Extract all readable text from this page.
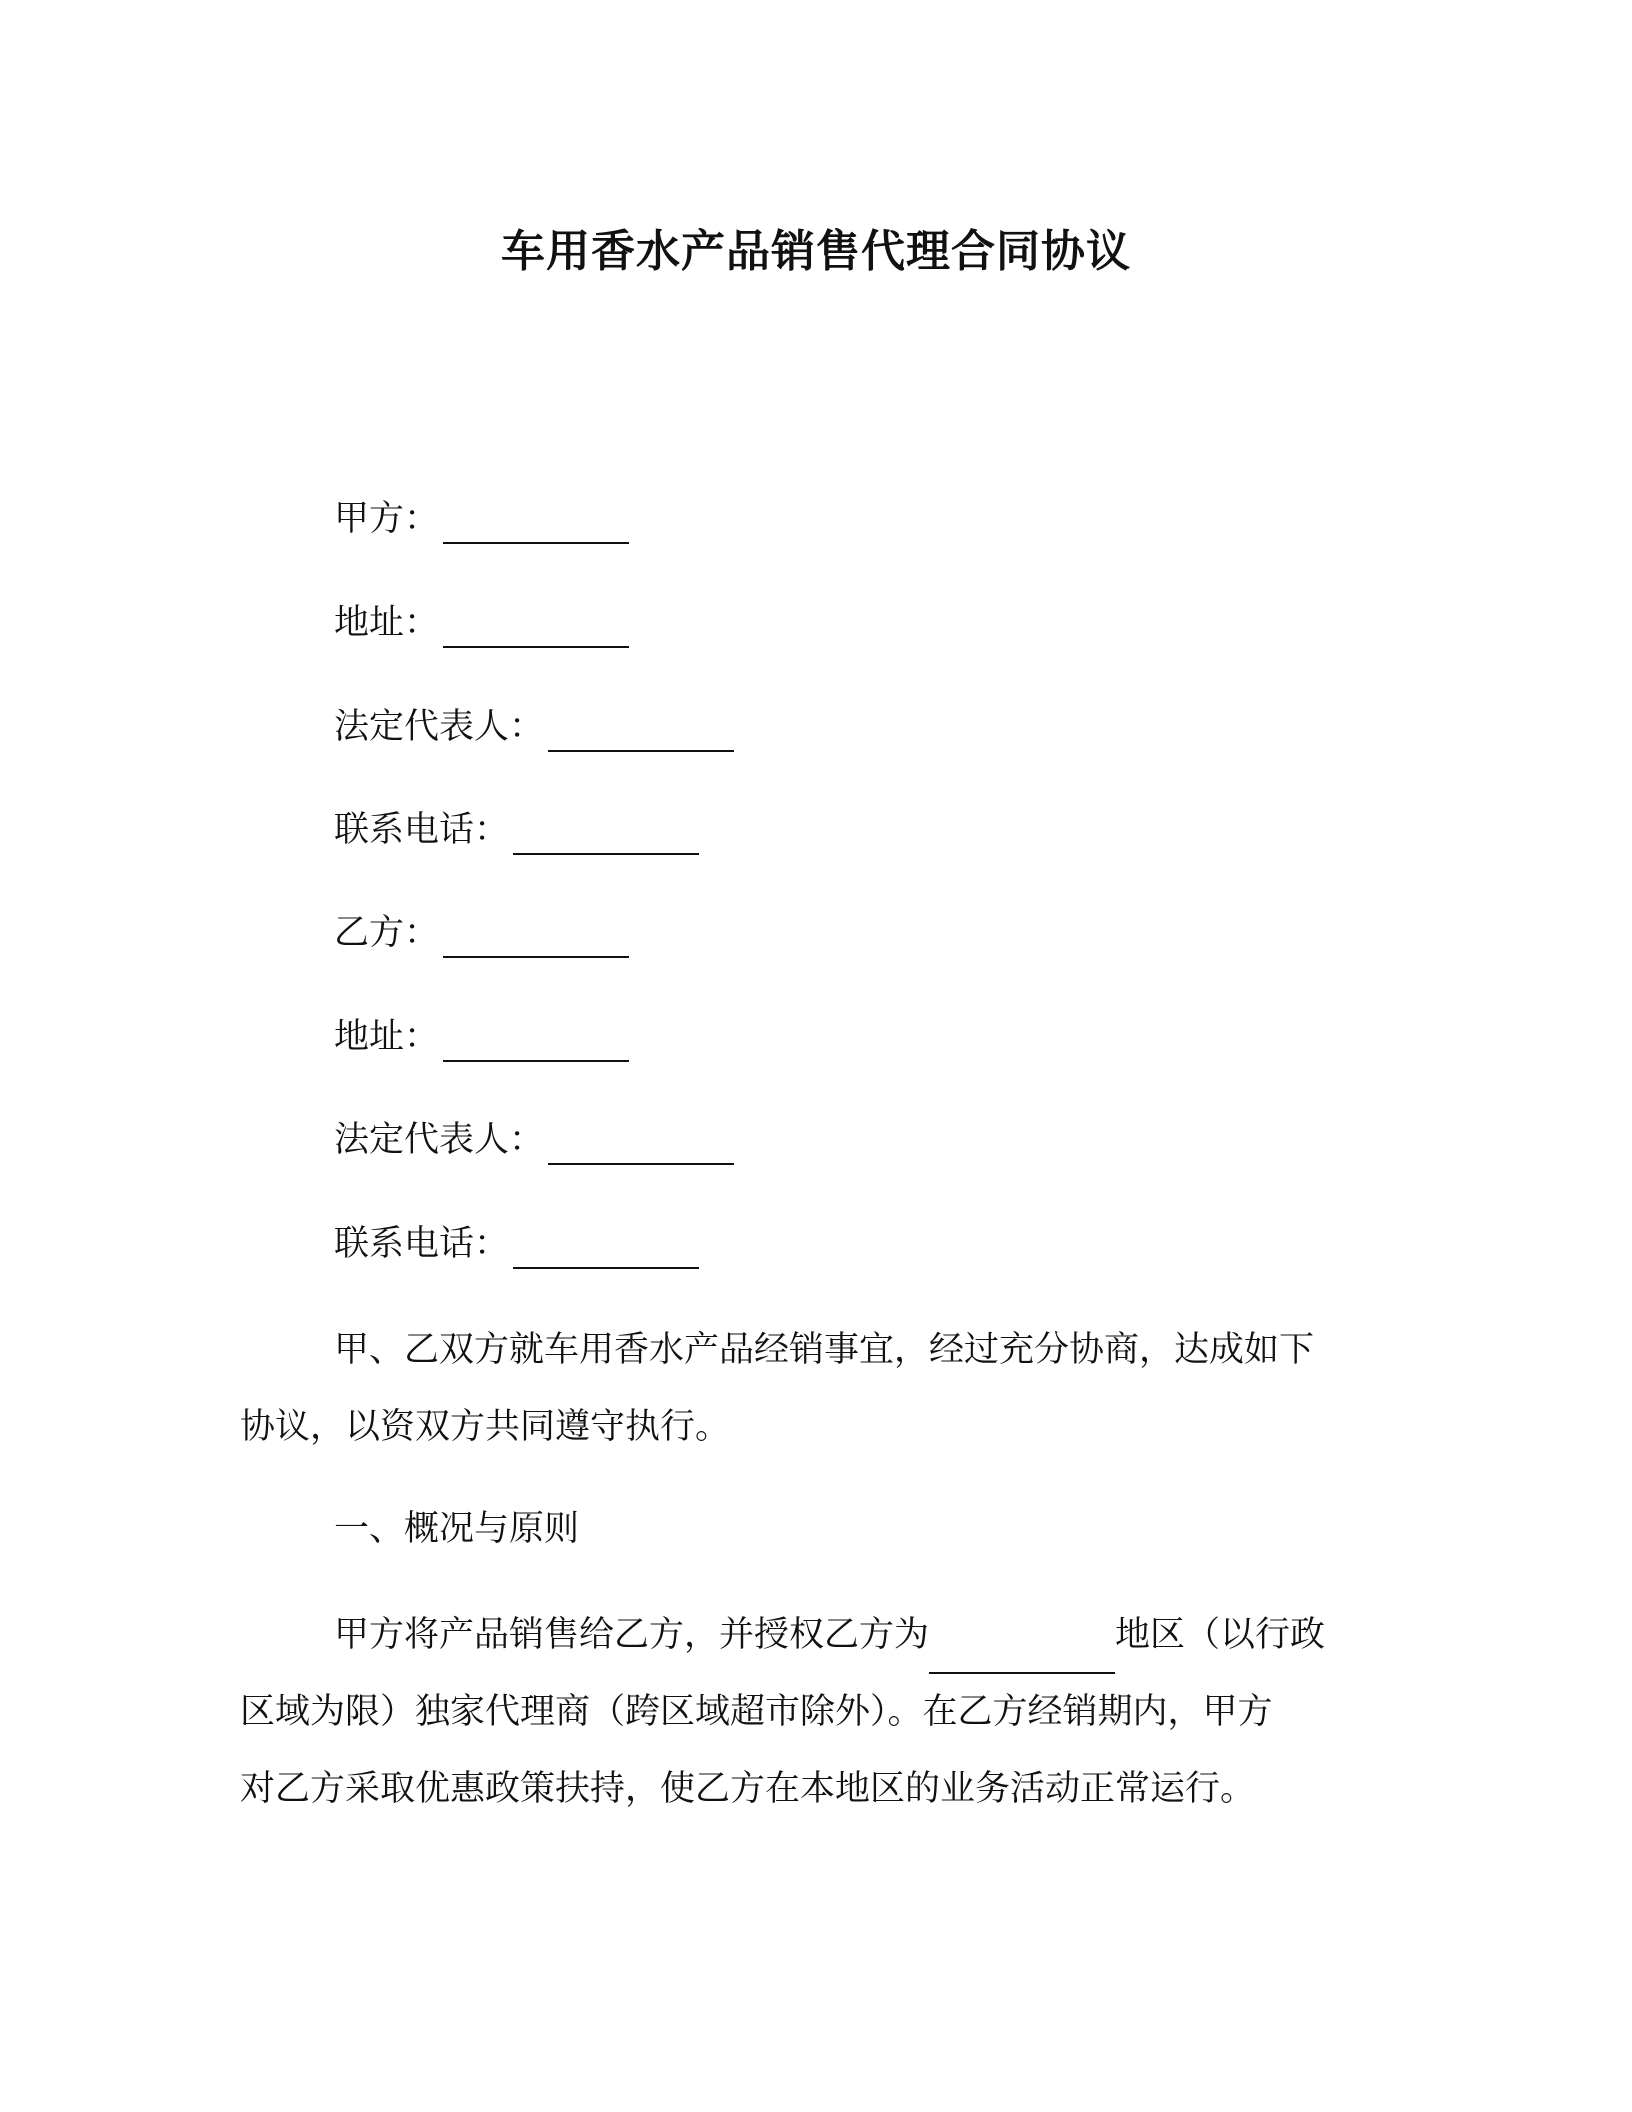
车用香水产品销售代理合同协议
甲方：
地址：
法定代表人：
联系电话：
乙方：
地址：
法定代表人：
联系电话：
甲、乙双方就车用香水产品经销事宜，经过充分协商，达成如下
协议，以资双方共同遵守执行。
一、概况与原则
甲方将产品销售给乙方，并授权乙方为	地区（以行政
区域为限）独家代理商（跨区域超市除外）。在乙方经销期内，甲方
对乙方采取优惠政策扶持，使乙方在本地区的业务活动正常运行。
